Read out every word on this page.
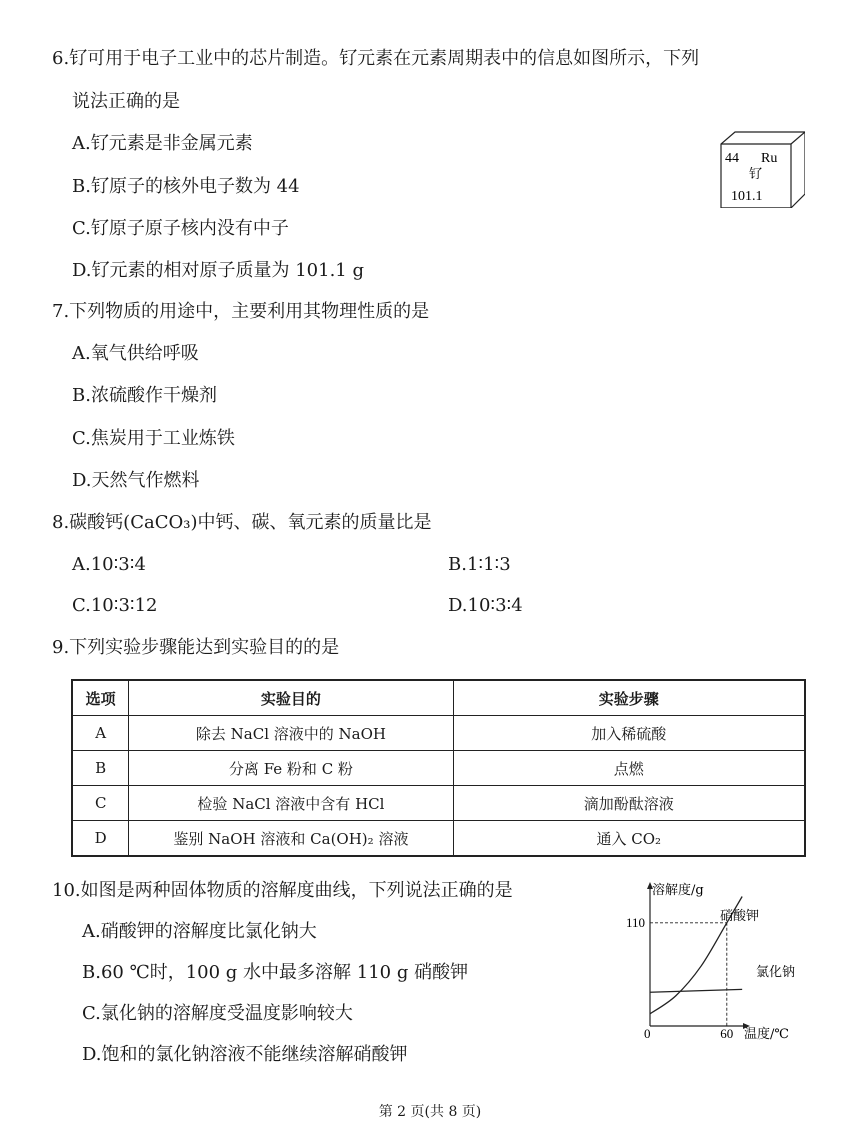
6.钌可用于电子工业中的芯片制造。钌元素在元素周期表中的信息如图所示，下列
说法正确的是
A.钌元素是非金属元素
B.钌原子的核外电子数为 44
C.钌原子原子核内没有中子
D.钌元素的相对原子质量为 101.1 g
44 Ru
钌
101.1
7.下列物质的用途中，主要利用其物理性质的是
A.氧气供给呼吸
B.浓硫酸作干燥剂
C.焦炭用于工业炼铁
D.天然气作燃料
8.碳酸钙(CaCO₃)中钙、碳、氧元素的质量比是
A.10∶3∶4	B.1∶1∶3
C.10∶3∶12	D.10∶3∶4
9.下列实验步骤能达到实验目的的是
选项	实验目的	实验步骤
A	除去 NaCl 溶液中的 NaOH	加入稀硫酸
B	分离 Fe 粉和 C 粉	点燃
C	检验 NaCl 溶液中含有 HCl	滴加酚酞溶液
D	鉴别 NaOH 溶液和 Ca(OH)₂ 溶液	通入 CO₂
10.如图是两种固体物质的溶解度曲线，下列说法正确的是
A.硝酸钾的溶解度比氯化钠大
B.60 ℃时，100 g 水中最多溶解 110 g 硝酸钾
C.氯化钠的溶解度受温度影响较大
D.饱和的氯化钠溶液不能继续溶解硝酸钾
溶解度/g
温度/℃
0
110
60
硝酸钾
氯化钠
第 2 页(共 8 页)
